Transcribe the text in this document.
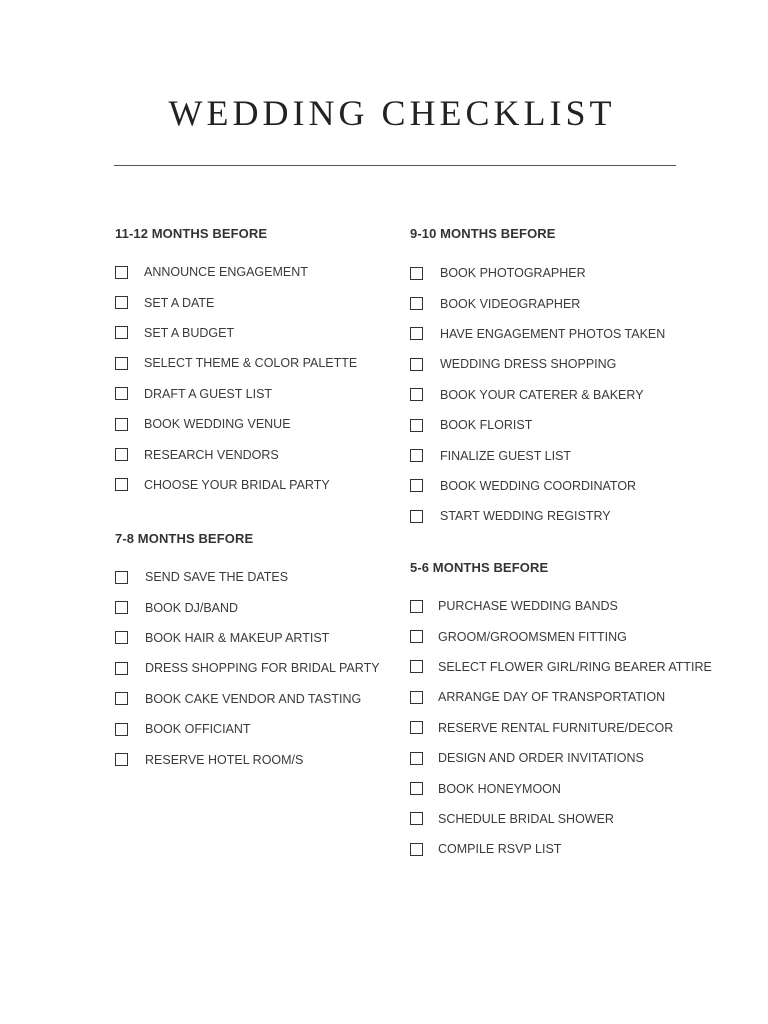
WEDDING CHECKLIST
11-12 MONTHS BEFORE
ANNOUNCE ENGAGEMENT
SET A DATE
SET A BUDGET
SELECT THEME & COLOR PALETTE
DRAFT A GUEST LIST
BOOK WEDDING VENUE
RESEARCH VENDORS
CHOOSE YOUR BRIDAL PARTY
9-10 MONTHS BEFORE
BOOK PHOTOGRAPHER
BOOK VIDEOGRAPHER
HAVE ENGAGEMENT PHOTOS TAKEN
WEDDING DRESS SHOPPING
BOOK YOUR CATERER & BAKERY
BOOK FLORIST
FINALIZE GUEST LIST
BOOK WEDDING COORDINATOR
START WEDDING REGISTRY
7-8 MONTHS BEFORE
SEND SAVE THE DATES
BOOK DJ/BAND
BOOK HAIR & MAKEUP ARTIST
DRESS SHOPPING FOR BRIDAL PARTY
BOOK CAKE VENDOR AND TASTING
BOOK OFFICIANT
RESERVE HOTEL ROOM/S
5-6 MONTHS BEFORE
PURCHASE WEDDING BANDS
GROOM/GROOMSMEN FITTING
SELECT FLOWER GIRL/RING BEARER ATTIRE
ARRANGE DAY OF TRANSPORTATION
RESERVE RENTAL FURNITURE/DECOR
DESIGN AND ORDER INVITATIONS
BOOK HONEYMOON
SCHEDULE BRIDAL SHOWER
COMPILE RSVP LIST
